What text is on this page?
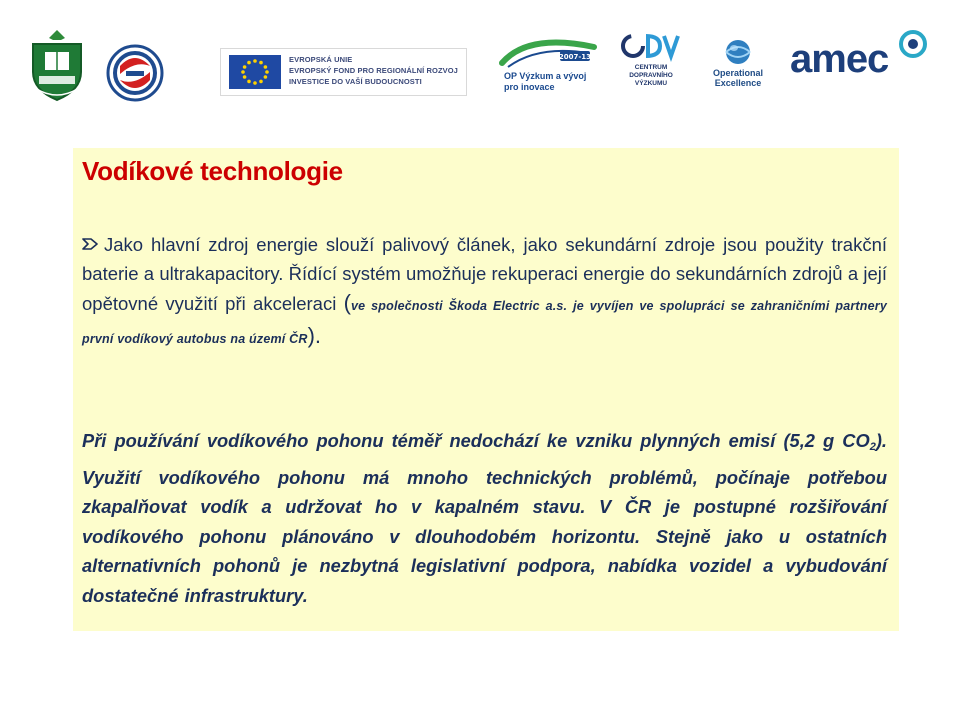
EVROPSKÁ UNIE
EVROPSKÝ FOND PRO REGIONÁLNÍ ROZVOJ
INVESTICE DO VAŠÍ BUDOUCNOSTI
2007-13
OP Výzkum a vývoj
pro inovace
CENTRUM
DOPRAVNÍHO
VÝZKUMU
Operational
Excellence
amec
Vodíkové technologie

Jako hlavní zdroj energie slouží palivový článek, jako sekundární zdroje jsou použity trakční baterie a ultrakapacitory. Řídící systém umožňuje rekuperaci energie do sekundárních zdrojů a její opětovné využití při akceleraci (ve společnosti Škoda Electric a.s. je vyvíjen ve spolupráci se zahraničními partnery první vodíkový autobus na území ČR).

Při používání vodíkového pohonu téměř nedochází ke vzniku plynných emisí (5,2 g $CO_2$). Využití vodíkového pohonu má mnoho technických problémů, počínaje potřebou zkapalňovat vodík a udržovat ho v kapalném stavu. V ČR je postupné rozšiřování vodíkového pohonu plánováno v dlouhodobém horizontu. Stejně jako u ostatních alternativních pohonů je nezbytná legislativní podpora, nabídka vozidel a vybudování dostatečné infrastruktury.
